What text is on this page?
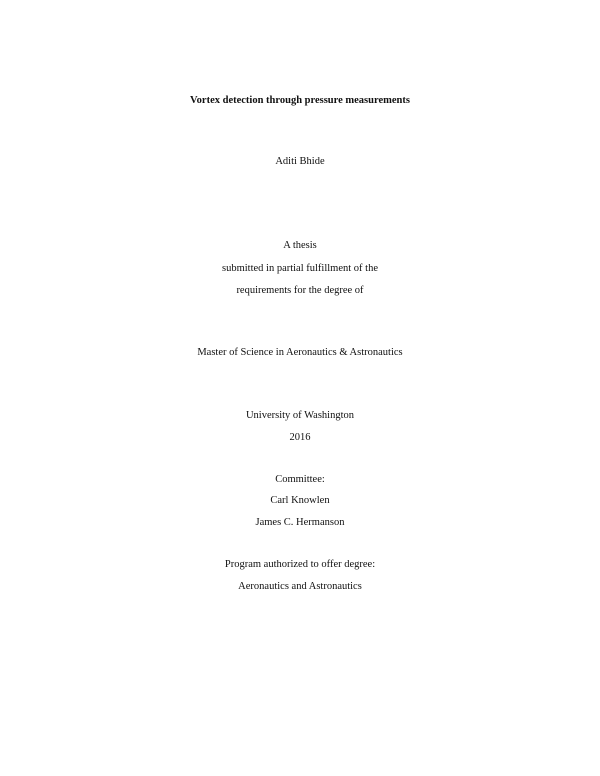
Vortex detection through pressure measurements
Aditi Bhide
A thesis
submitted in partial fulfillment of the
requirements for the degree of
Master of Science in Aeronautics & Astronautics
University of Washington
2016
Committee:
Carl Knowlen
James C. Hermanson
Program authorized to offer degree:
Aeronautics and Astronautics
